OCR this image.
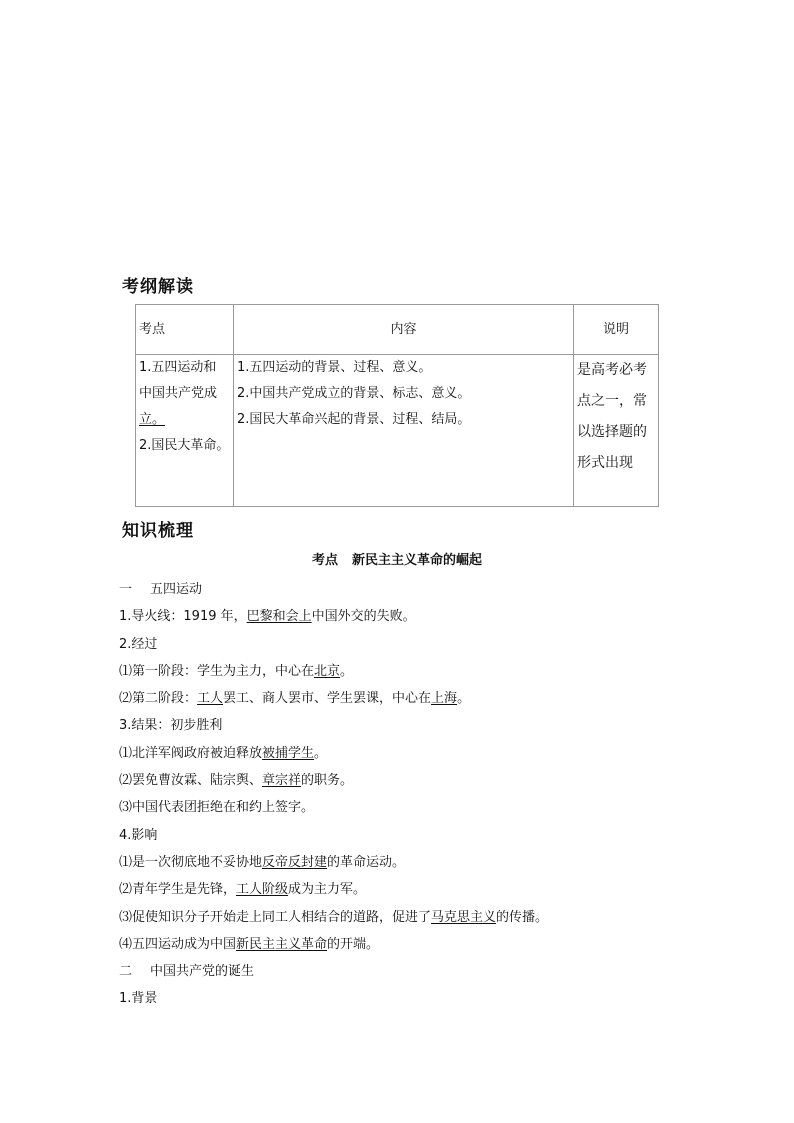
考纲解读
考点	内容	说明

1.五四运动和
中国共产党成
立。
2.国民大革命。	1.五四运动的背景、过程、意义。
2.中国共产党成立的背景、标志、意义。
2.国民大革命兴起的背景、过程、结局。	是高考必考
点之一，常
以选择题的
形式出现
知识梳理
考点 新民主主义革命的崛起
一 五四运动
1.导火线：1919 年，巴黎和会上中国外交的失败。
2.经过
⑴第一阶段：学生为主力，中心在北京。
⑵第二阶段：工人罢工、商人罢市、学生罢课，中心在上海。
3.结果：初步胜利
⑴北洋军阀政府被迫释放被捕学生。
⑵罢免曹汝霖、陆宗舆、章宗祥的职务。
⑶中国代表团拒绝在和约上签字。
4.影响
⑴是一次彻底地不妥协地反帝反封建的革命运动。
⑵青年学生是先锋，工人阶级成为主力军。
⑶促使知识分子开始走上同工人相结合的道路，促进了马克思主义的传播。
⑷五四运动成为中国新民主主义革命的开端。
二 中国共产党的诞生
1.背景
